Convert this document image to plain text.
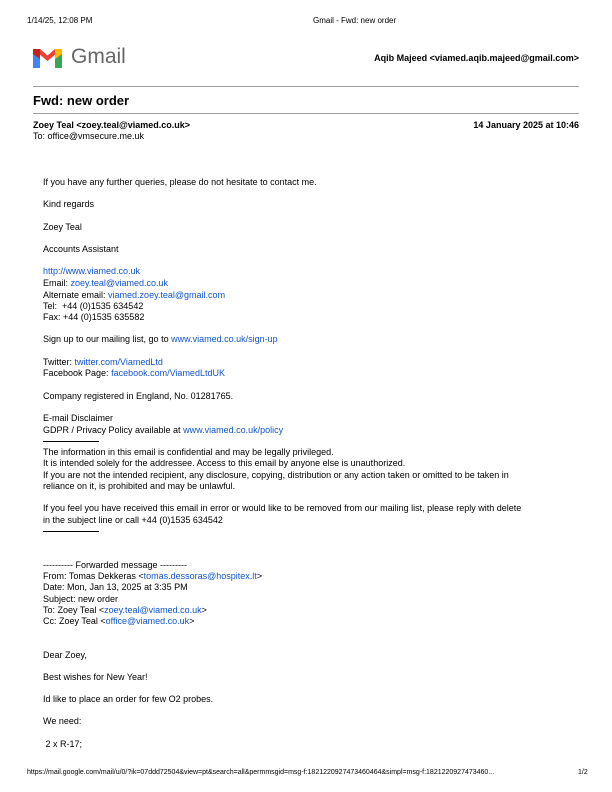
1/14/25, 12:08 PM	Gmail - Fwd: new order
Gmail	Aqib Majeed <viamed.aqib.majeed@gmail.com>
Fwd: new order
Zoey Teal <zoey.teal@viamed.co.uk>	14 January 2025 at 10:46
To: office@vmsecure.me.uk
If you have any further queries, please do not hesitate to contact me.
Kind regards
Zoey Teal
Accounts Assistant
http://www.viamed.co.uk
Email: zoey.teal@viamed.co.uk
Alternate email: viamed.zoey.teal@gmail.com
Tel:  +44 (0)1535 634542
Fax: +44 (0)1535 635582
Sign up to our mailing list, go to www.viamed.co.uk/sign-up
Twitter: twitter.com/ViamedLtd
Facebook Page: facebook.com/ViamedLtdUK
Company registered in England, No. 01281765.
E-mail Disclaimer
GDPR / Privacy Policy available at www.viamed.co.uk/policy
The information in this email is confidential and may be legally privileged.
It is intended solely for the addressee. Access to this email by anyone else is unauthorized.
If you are not the intended recipient, any disclosure, copying, distribution or any action taken or omitted to be taken in
reliance on it, is prohibited and may be unlawful.
If you feel you have received this email in error or would like to be removed from our mailing list, please reply with delete
in the subject line or call +44 (0)1535 634542
---------- Forwarded message ---------
From: Tomas Dekkeras <tomas.dessoras@hospitex.lt>
Date: Mon, Jan 13, 2025 at 3:35 PM
Subject: new order
To: Zoey Teal <zoey.teal@viamed.co.uk>
Cc: Zoey Teal <office@viamed.co.uk>
Dear Zoey,
Best wishes for New Year!
Id like to place an order for few O2 probes.
We need:
2 x R-17;
https://mail.google.com/mail/u/0/?ik=07ddd72504&view=pt&search=all&permmsgid=msg-f:1821220927473460464&simpl=msg-f:1821220927473460...	1/2
